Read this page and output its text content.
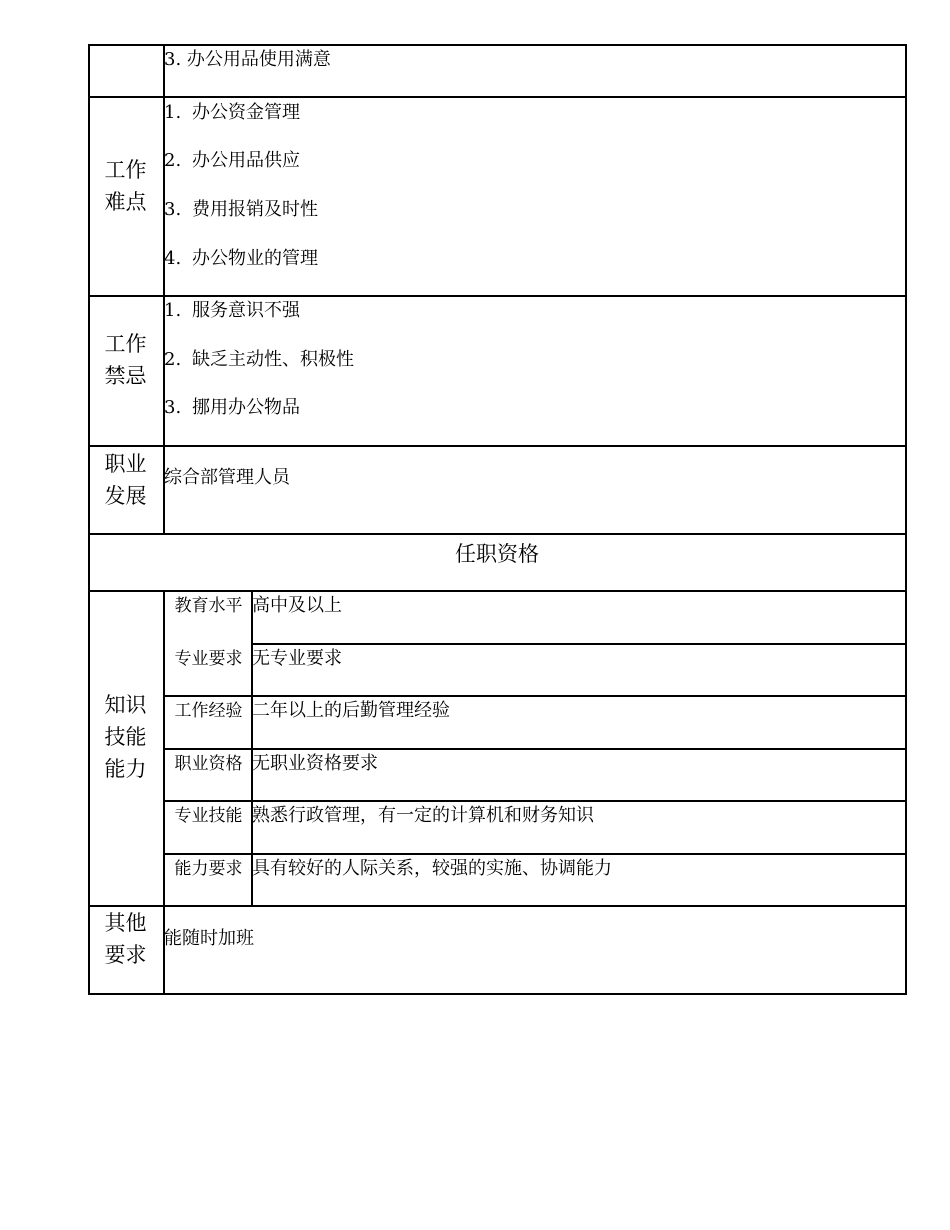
3. 办公用品使用满意
工作
难点
1. 办公资金管理
2. 办公用品供应
3. 费用报销及时性
4. 办公物业的管理
工作
禁忌
1. 服务意识不强
2. 缺乏主动性、积极性
3. 挪用办公物品
职业
发展
综合部管理人员
任职资格
知识
技能
能力
教育水平 高中及以上
专业要求 无专业要求
工作经验 二年以上的后勤管理经验
职业资格 无职业资格要求
专业技能 熟悉行政管理，有一定的计算机和财务知识
能力要求 具有较好的人际关系，较强的实施、协调能力
其他
要求
能随时加班
